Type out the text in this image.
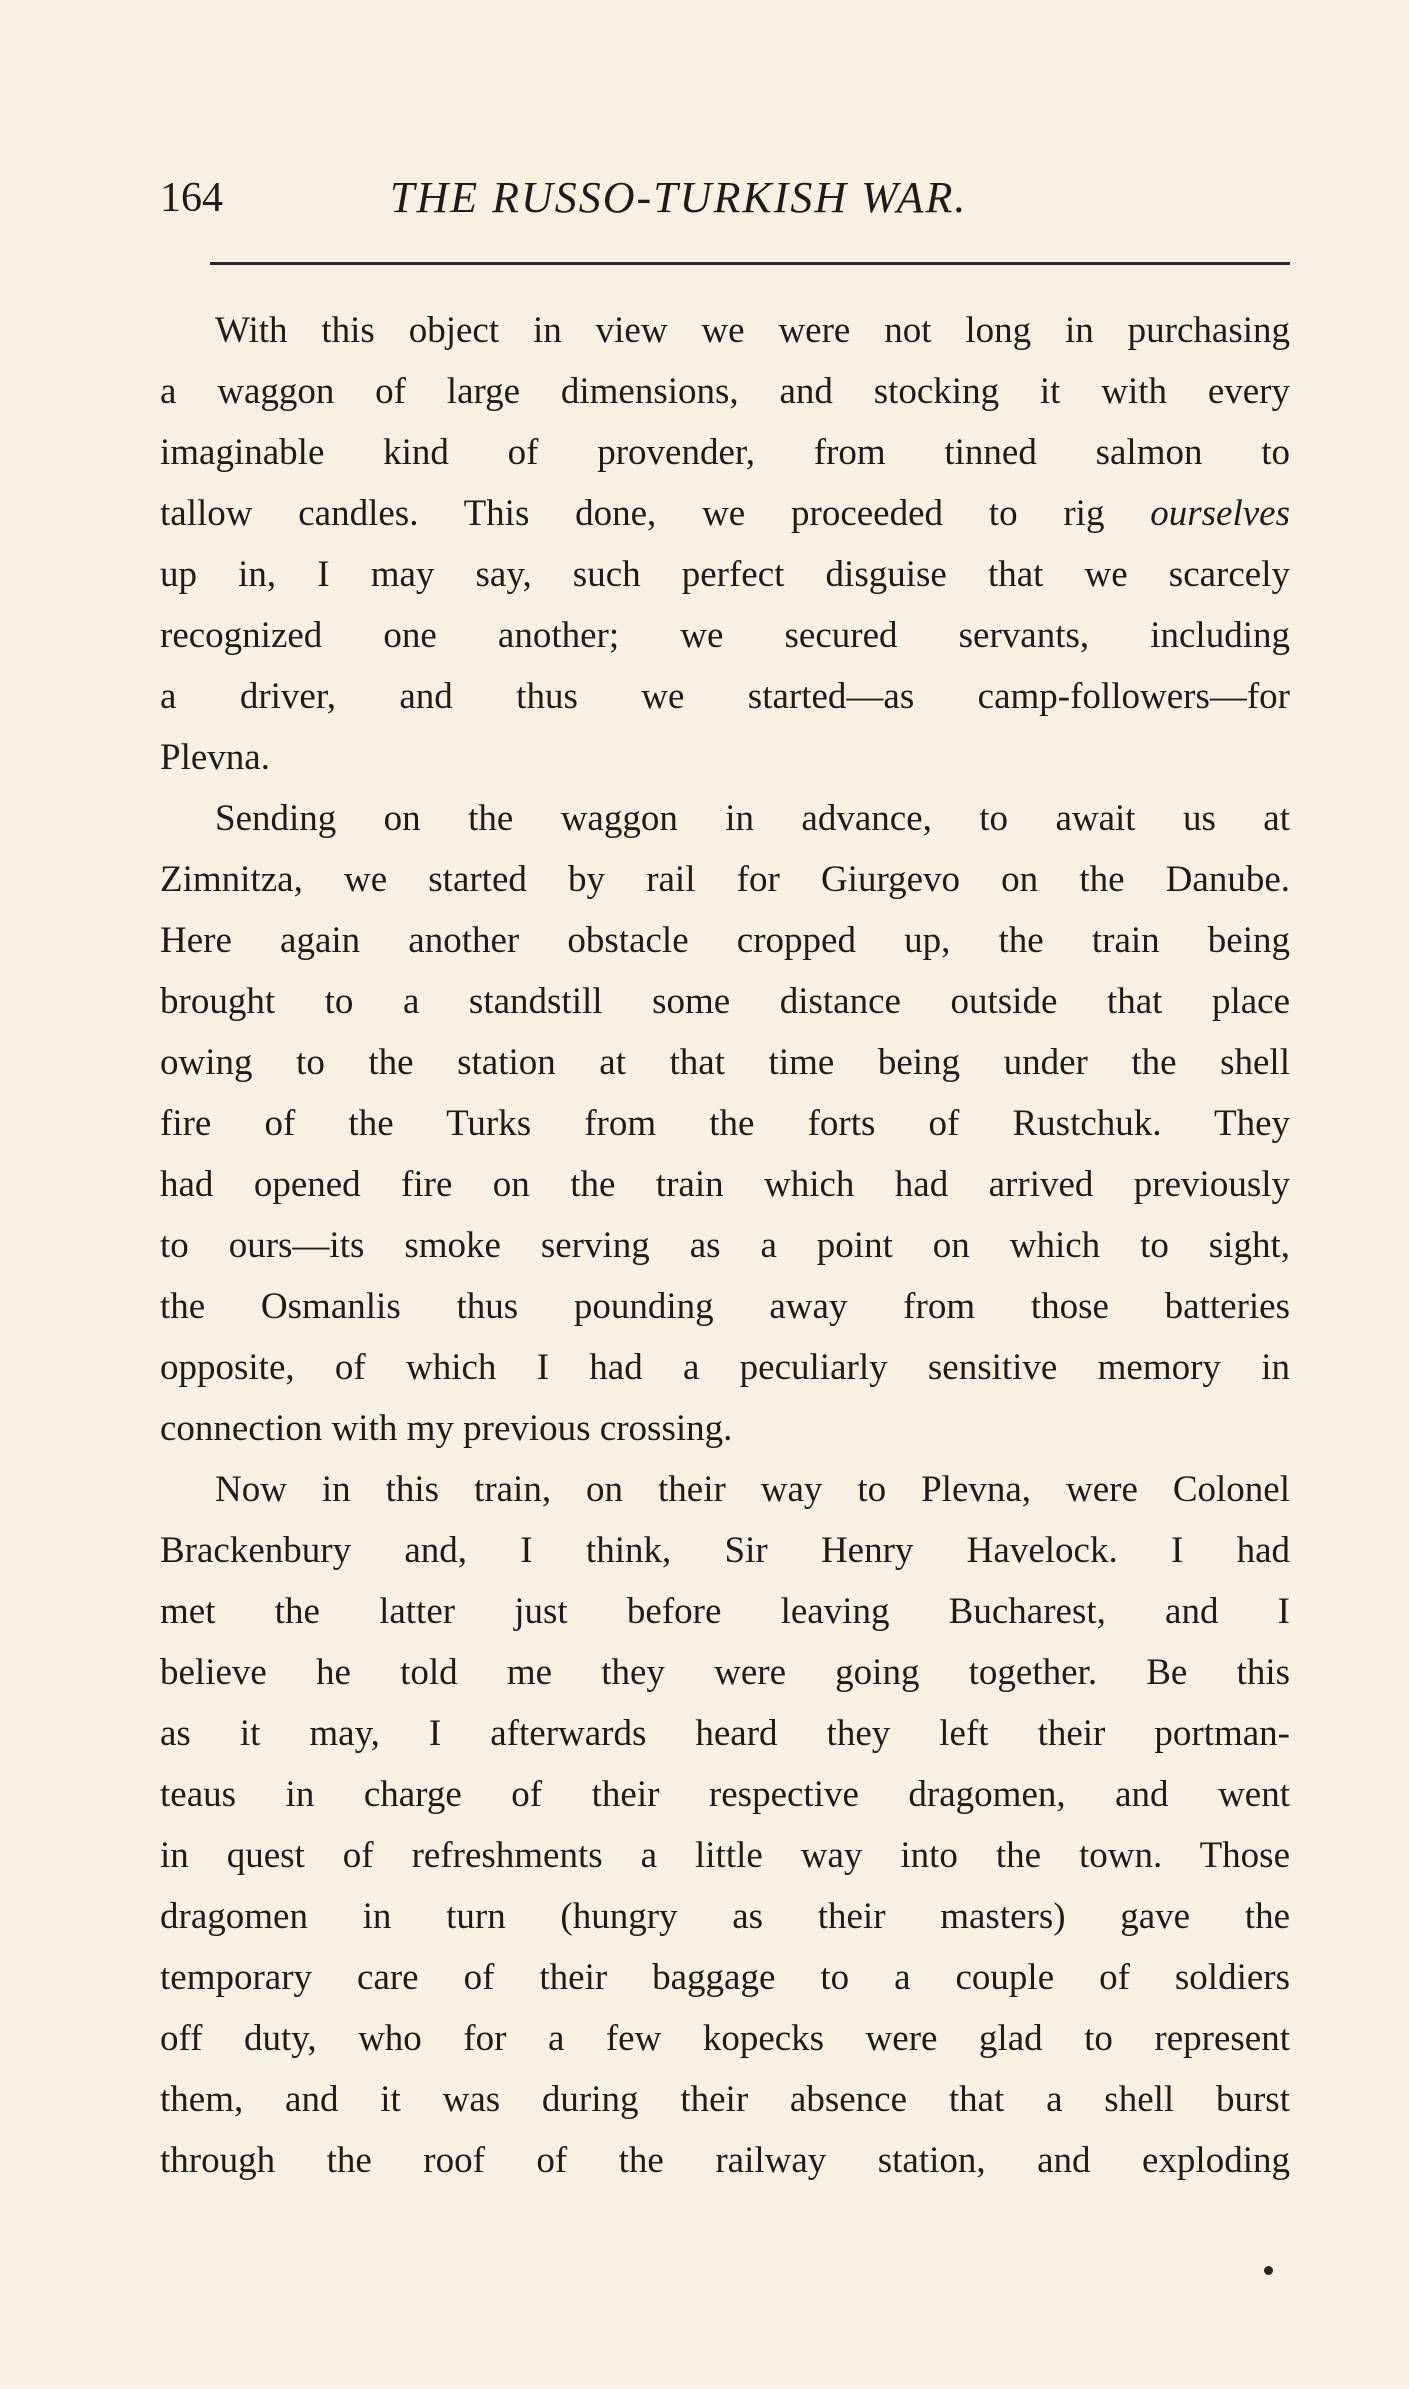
164	THE RUSSO-TURKISH WAR.
With this object in view we were not long in purchasing
a waggon of large dimensions, and stocking it with every
imaginable kind of provender, from tinned salmon to
tallow candles. This done, we proceeded to rig ourselves
up in, I may say, such perfect disguise that we scarcely
recognized one another; we secured servants, including
a driver, and thus we started—as camp-followers—for
Plevna.
Sending on the waggon in advance, to await us at
Zimnitza, we started by rail for Giurgevo on the Danube.
Here again another obstacle cropped up, the train being
brought to a standstill some distance outside that place
owing to the station at that time being under the shell
fire of the Turks from the forts of Rustchuk. They
had opened fire on the train which had arrived previously
to ours—its smoke serving as a point on which to sight,
the Osmanlis thus pounding away from those batteries
opposite, of which I had a peculiarly sensitive memory in
connection with my previous crossing.
Now in this train, on their way to Plevna, were Colonel
Brackenbury and, I think, Sir Henry Havelock. I had
met the latter just before leaving Bucharest, and I
believe he told me they were going together. Be this
as it may, I afterwards heard they left their portman-
teaus in charge of their respective dragomen, and went
in quest of refreshments a little way into the town. Those
dragomen in turn (hungry as their masters) gave the
temporary care of their baggage to a couple of soldiers
off duty, who for a few kopecks were glad to represent
them, and it was during their absence that a shell burst
through the roof of the railway station, and exploding
